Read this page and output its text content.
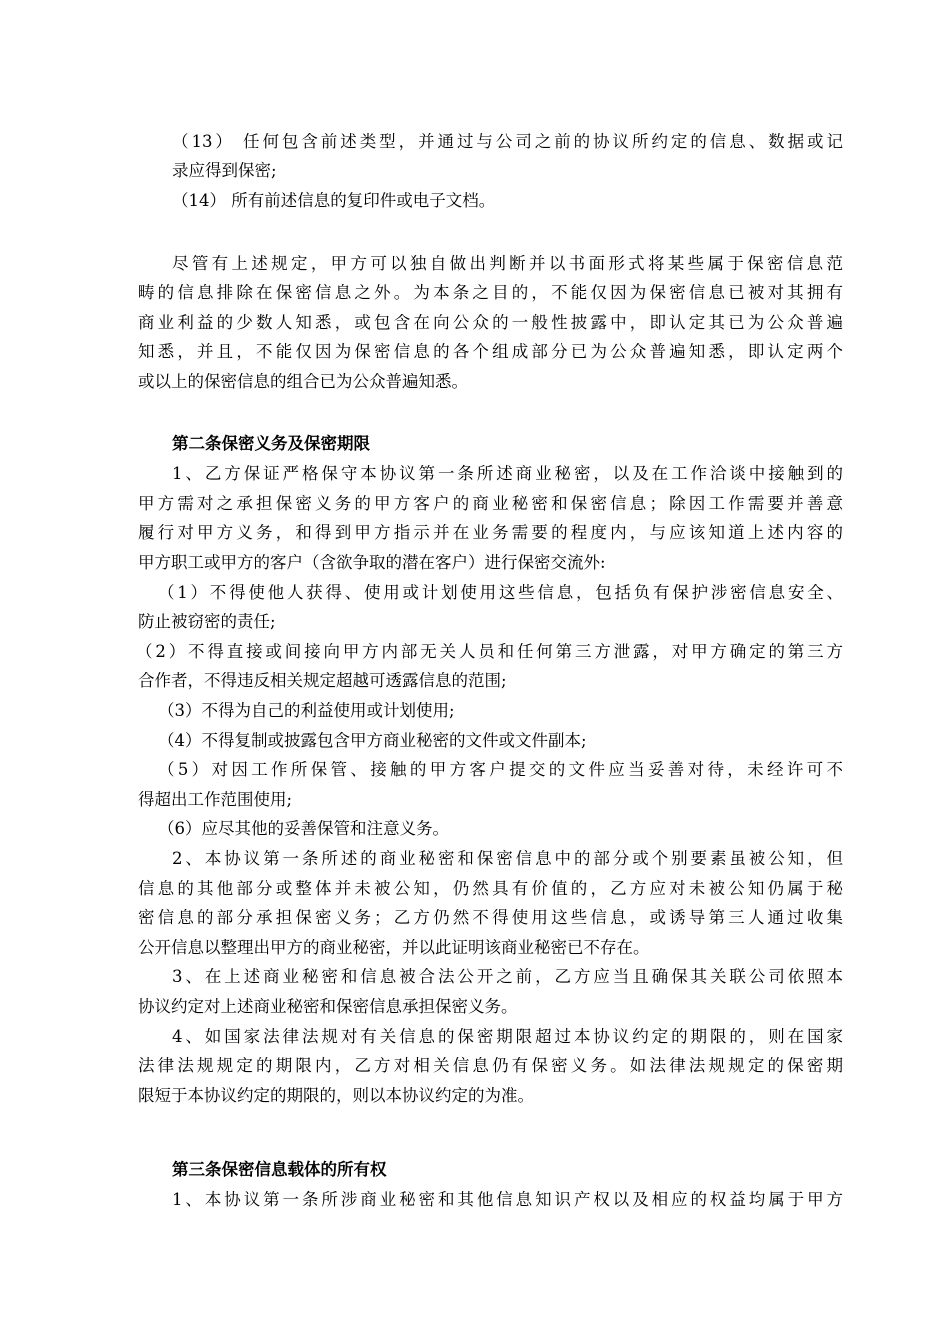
（13） 任何包含前述类型，并通过与公司之前的协议所约定的信息、数据或记

录应得到保密;

（14） 所有前述信息的复印件或电子文档。

尽管有上述规定，甲方可以独自做出判断并以书面形式将某些属于保密信息范

畴的信息排除在保密信息之外。为本条之目的，不能仅因为保密信息已被对其拥有

商业利益的少数人知悉，或包含在向公众的一般性披露中，即认定其已为公众普遍

知悉，并且，不能仅因为保密信息的各个组成部分已为公众普遍知悉，即认定两个

或以上的保密信息的组合已为公众普遍知悉。

第二条保密义务及保密期限

1、乙方保证严格保守本协议第一条所述商业秘密，以及在工作洽谈中接触到的

甲方需对之承担保密义务的甲方客户的商业秘密和保密信息；除因工作需要并善意

履行对甲方义务，和得到甲方指示并在业务需要的程度内，与应该知道上述内容的

甲方职工或甲方的客户（含欲争取的潜在客户）进行保密交流外:

（1）不得使他人获得、使用或计划使用这些信息，包括负有保护涉密信息安全、

防止被窃密的责任;

（2）不得直接或间接向甲方内部无关人员和任何第三方泄露，对甲方确定的第三方

合作者，不得违反相关规定超越可透露信息的范围;

（3）不得为自己的利益使用或计划使用;

（4）不得复制或披露包含甲方商业秘密的文件或文件副本;

（5）对因工作所保管、接触的甲方客户提交的文件应当妥善对待，未经许可不

得超出工作范围使用;

（6）应尽其他的妥善保管和注意义务。

2、本协议第一条所述的商业秘密和保密信息中的部分或个别要素虽被公知，但

信息的其他部分或整体并未被公知，仍然具有价值的，乙方应对未被公知仍属于秘

密信息的部分承担保密义务；乙方仍然不得使用这些信息，或诱导第三人通过收集

公开信息以整理出甲方的商业秘密，并以此证明该商业秘密已不存在。

3、在上述商业秘密和信息被合法公开之前，乙方应当且确保其关联公司依照本

协议约定对上述商业秘密和保密信息承担保密义务。

4、如国家法律法规对有关信息的保密期限超过本协议约定的期限的，则在国家

法律法规规定的期限内，乙方对相关信息仍有保密义务。如法律法规规定的保密期

限短于本协议约定的期限的，则以本协议约定的为准。

第三条保密信息载体的所有权

1、本协议第一条所涉商业秘密和其他信息知识产权以及相应的权益均属于甲方
